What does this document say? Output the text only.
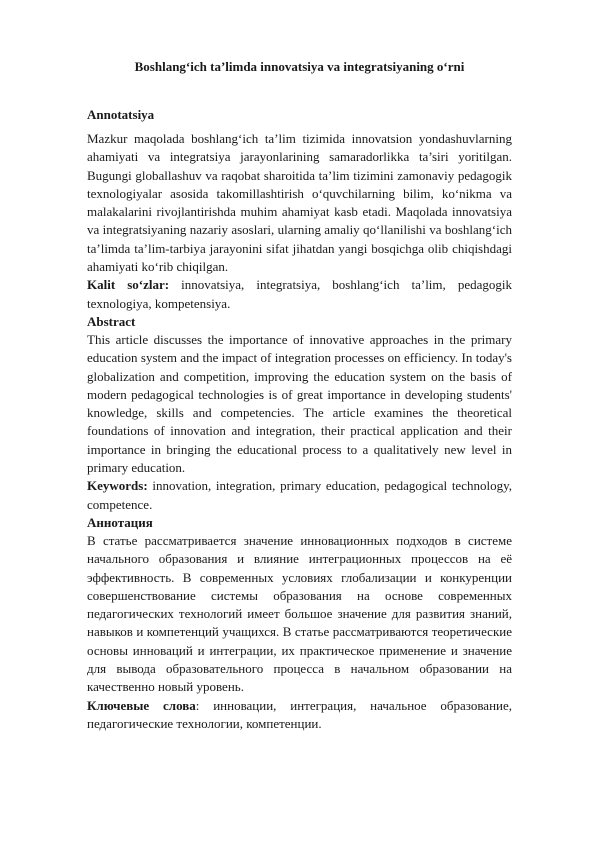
Boshlang‘ich ta’limda innovatsiya va integratsiyaning o‘rni

Annotatsiya

Mazkur maqolada boshlang‘ich ta’lim tizimida innovatsion yondashuvlarning ahamiyati va integratsiya jarayonlarining samaradorlikka ta’siri yoritilgan. Bugungi globallashuv va raqobat sharoitida ta’lim tizimini zamonaviy pedagogik texnologiyalar asosida takomillashtirish o‘quvchilarning bilim, ko‘nikma va malakalarini rivojlantirishda muhim ahamiyat kasb etadi. Maqolada innovatsiya va integratsiyaning nazariy asoslari, ularning amaliy qo‘llanilishi va boshlang‘ich ta’limda ta’lim-tarbiya jarayonini sifat jihatdan yangi bosqichga olib chiqishdagi ahamiyati ko‘rib chiqilgan.

Kalit so‘zlar: innovatsiya, integratsiya, boshlang‘ich ta’lim, pedagogik texnologiya, kompetensiya.

Abstract

This article discusses the importance of innovative approaches in the primary education system and the impact of integration processes on efficiency. In today's globalization and competition, improving the education system on the basis of modern pedagogical technologies is of great importance in developing students' knowledge, skills and competencies. The article examines the theoretical foundations of innovation and integration, their practical application and their importance in bringing the educational process to a qualitatively new level in primary education.

Keywords: innovation, integration, primary education, pedagogical technology, competence.

Аннотация

В статье рассматривается значение инновационных подходов в системе начального образования и влияние интеграционных процессов на её эффективность. В современных условиях глобализации и конкуренции совершенствование системы образования на основе современных педагогических технологий имеет большое значение для развития знаний, навыков и компетенций учащихся. В статье рассматриваются теоретические основы инноваций и интеграции, их практическое применение и значение для вывода образовательного процесса в начальном образовании на качественно новый уровень.

Ключевые слова: инновации, интеграция, начальное образование, педагогические технологии, компетенции.
